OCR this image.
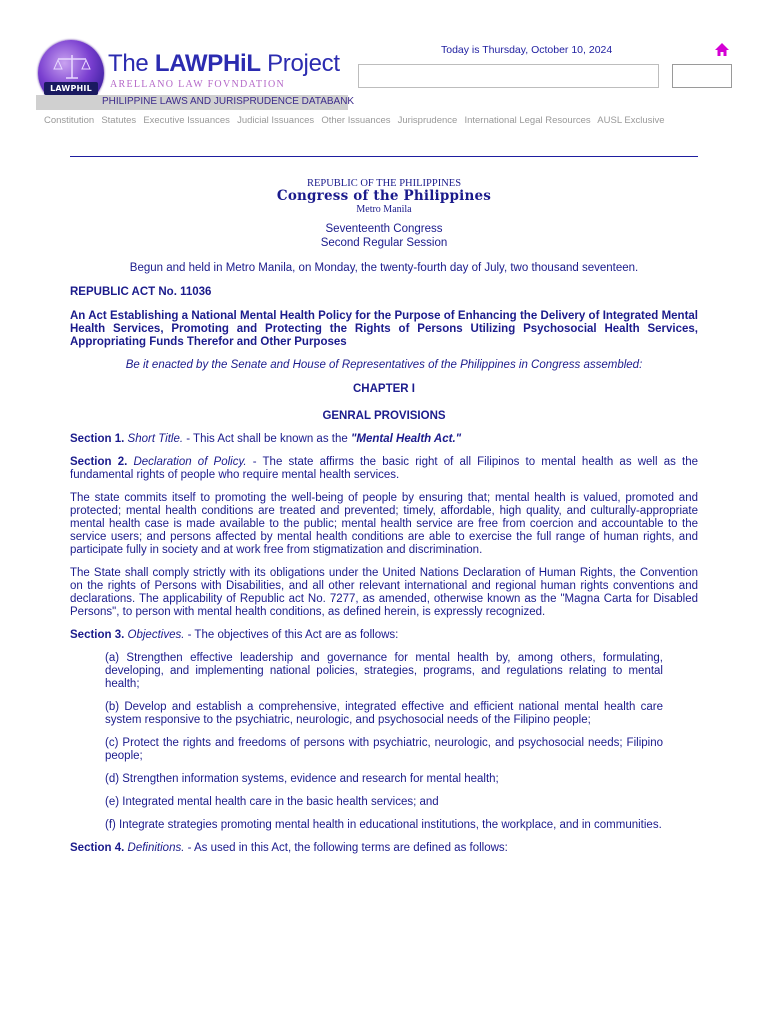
LAWPHIL
The LAWPHiL Project
ARELLANO LAW FOVNDATION
PHILIPPINE LAWS AND JURISPRUDENCE DATABANK
Today is Thursday, October 10, 2024
Constitution Statutes Executive Issuances Judicial Issuances Other Issuances Jurisprudence International Legal Resources AUSL Exclusive
REPUBLIC OF THE PHILIPPINES
Congress of the Philippines
Metro Manila
Seventeenth Congress
Second Regular Session

Begun and held in Metro Manila, on Monday, the twenty-fourth day of July, two thousand seventeen.

REPUBLIC ACT No. 11036

An Act Establishing a National Mental Health Policy for the Purpose of Enhancing the Delivery of Integrated Mental Health Services, Promoting and Protecting the Rights of Persons Utilizing Psychosocial Health Services, Appropriating Funds Therefor and Other Purposes

Be it enacted by the Senate and House of Representatives of the Philippines in Congress assembled:

CHAPTER I

GENRAL PROVISIONS

Section 1. Short Title. - This Act shall be known as the "Mental Health Act."

Section 2. Declaration of Policy. - The state affirms the basic right of all Filipinos to mental health as well as the fundamental rights of people who require mental health services.

The state commits itself to promoting the well-being of people by ensuring that; mental health is valued, promoted and protected; mental health conditions are treated and prevented; timely, affordable, high quality, and culturally-appropriate mental health case is made available to the public; mental health service are free from coercion and accountable to the service users; and persons affected by mental health conditions are able to exercise the full range of human rights, and participate fully in society and at work free from stigmatization and discrimination.

The State shall comply strictly with its obligations under the United Nations Declaration of Human Rights, the Convention on the rights of Persons with Disabilities, and all other relevant international and regional human rights conventions and declarations. The applicability of Republic act No. 7277, as amended, otherwise known as the "Magna Carta for Disabled Persons", to person with mental health conditions, as defined herein, is expressly recognized.

Section 3. Objectives. - The objectives of this Act are as follows:

(a) Strengthen effective leadership and governance for mental health by, among others, formulating, developing, and implementing national policies, strategies, programs, and regulations relating to mental health;

(b) Develop and establish a comprehensive, integrated effective and efficient national mental health care system responsive to the psychiatric, neurologic, and psychosocial needs of the Filipino people;

(c) Protect the rights and freedoms of persons with psychiatric, neurologic, and psychosocial needs; Filipino people;

(d) Strengthen information systems, evidence and research for mental health;

(e) Integrated mental health care in the basic health services; and

(f) Integrate strategies promoting mental health in educational institutions, the workplace, and in communities.

Section 4. Definitions. - As used in this Act, the following terms are defined as follows:
